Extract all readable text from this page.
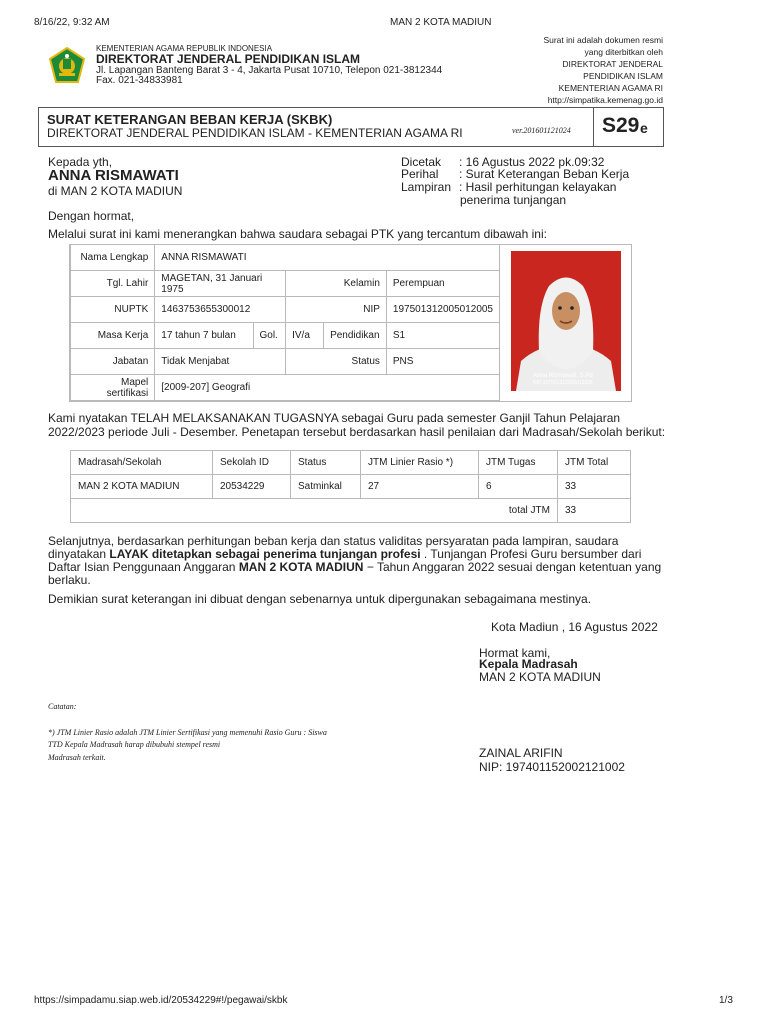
8/16/22, 9:32 AM	MAN 2 KOTA MADIUN
KEMENTERIAN AGAMA REPUBLIK INDONESIA
DIREKTORAT JENDERAL PENDIDIKAN ISLAM
Jl. Lapangan Banteng Barat 3 - 4, Jakarta Pusat 10710, Telepon 021-3812344
Fax. 021-34833981
Surat ini adalah dokumen resmi
yang diterbitkan oleh
DIREKTORAT JENDERAL
PENDIDIKAN ISLAM
KEMENTERIAN AGAMA RI
http://simpatika.kemenag.go.id
SURAT KETERANGAN BEBAN KERJA (SKBK)
DIREKTORAT JENDERAL PENDIDIKAN ISLAM - KEMENTERIAN AGAMA RI	ver.201601121024 S29 e
Kepada yth,
ANNA RISMAWATI
di MAN 2 KOTA MADIUN
Dicetak : 16 Agustus 2022 pk.09:32
Perihal : Surat Keterangan Beban Kerja
Lampiran : Hasil perhitungan kelayakan
penerima tunjangan
Dengan hormat,
Melalui surat ini kami menerangkan bahwa saudara sebagai PTK yang tercantum dibawah ini:
Nama Lengkap	ANNA RISMAWATI				
Tgl. Lahir	MAGETAN, 31 Januari 1975		Kelamin		Perempuan
NUPTK	1463753655300012		NIP		197501312005012005
Masa Kerja	17 tahun 7 bulan	Gol.	IV/a	Pendidikan	S1
Jabatan	Tidak Menjabat		Status		PNS
Mapel sertifikasi	[2009-207] Geografi				
Anna Rismawati, S.Pd
NIP 197501312005012005
Kami nyatakan TELAH MELAKSANAKAN TUGASNYA sebagai Guru pada semester Ganjil Tahun Pelajaran
2022/2023 periode Juli - Desember. Penetapan tersebut berdasarkan hasil penilaian dari Madrasah/Sekolah berikut:
Madrasah/Sekolah	Sekolah ID	Status	JTM Linier Rasio *)	JTM Tugas	JTM Total
MAN 2 KOTA MADIUN	20534229	Satminkal	27	6	33
total JTM					33
Selanjutnya, berdasarkan perhitungan beban kerja dan status validitas persyaratan pada lampiran, saudara
dinyatakan LAYAK ditetapkan sebagai penerima tunjangan profesi . Tunjangan Profesi Guru bersumber dari
Daftar Isian Penggunaan Anggaran MAN 2 KOTA MADIUN − Tahun Anggaran 2022 sesuai dengan ketentuan yang
berlaku.
Demikian surat keterangan ini dibuat dengan sebenarnya untuk dipergunakan sebagaimana mestinya.
Kota Madiun , 16 Agustus 2022
Hormat kami,
Kepala Madrasah
MAN 2 KOTA MADIUN
ZAINAL ARIFIN
NIP: 197401152002121002
Catatan:
*) JTM Linier Rasio adalah JTM Linier Sertifikasi yang memenuhi Rasio Guru : Siswa
TTD Kepala Madrasah harap dibubuhi stempel resmi
Madrasah terkait.
https://simpadamu.siap.web.id/20534229#!/pegawai/skbk	1/3
